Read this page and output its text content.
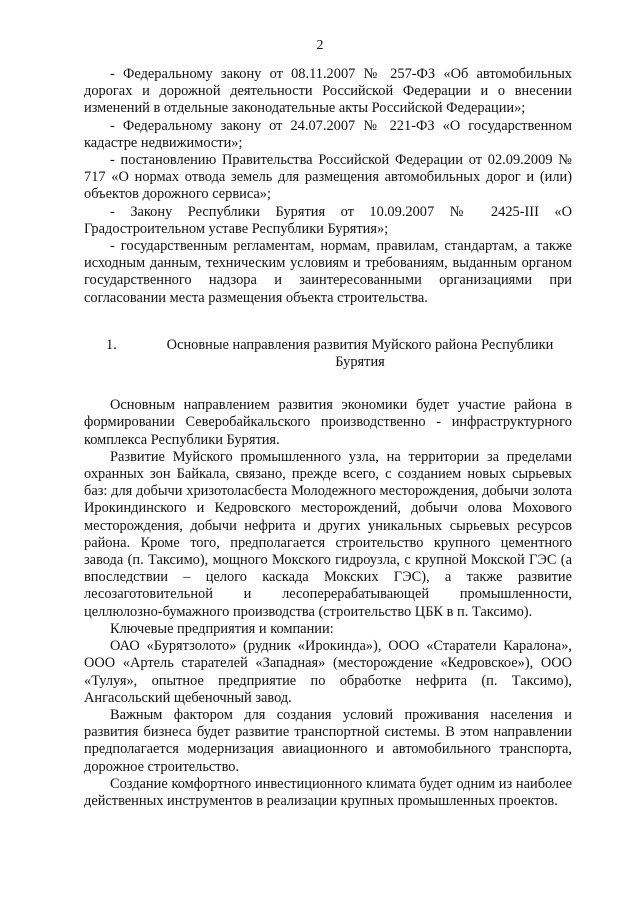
2

- Федеральному закону от 08.11.2007 № 257-ФЗ «Об автомобильных дорогах и дорожной деятельности Российской Федерации и о внесении изменений в отдельные законодательные акты Российской Федерации»;

- Федеральному закону от 24.07.2007 № 221-ФЗ «О государственном кадастре недвижимости»;

- постановлению Правительства Российской Федерации от 02.09.2009 № 717 «О нормах отвода земель для размещения автомобильных дорог и (или) объектов дорожного сервиса»;

- Закону Республики Бурятия от 10.09.2007 № 2425-III «О Градостроительном уставе Республики Бурятия»;

- государственным регламентам, нормам, правилам, стандартам, а также исходным данным, техническим условиям и требованиям, выданным органом государственного надзора и заинтересованными организациями при согласовании места размещения объекта строительства.

1.	Основные направления развития Муйского района Республики Бурятия

Основным направлением развития экономики будет участие района в формировании Северобайкальского производственно - инфраструктурного комплекса Республики Бурятия.

Развитие Муйского промышленного узла, на территории за пределами охранных зон Байкала, связано, прежде всего, с созданием новых сырьевых баз: для добычи хризотоласбеста Молодежного месторождения, добычи золота Ирокиндинского и Кедровского месторождений, добычи олова Мохового месторождения, добычи нефрита и других уникальных сырьевых ресурсов района. Кроме того, предполагается строительство крупного цементного завода (п. Таксимо), мощного Мокского гидроузла, с крупной Мокской ГЭС (а впоследствии – целого каскада Мокских ГЭС), а также развитие лесозаготовительной и лесоперерабатывающей промышленности, целлюлозно-бумажного производства (строительство ЦБК в п. Таксимо).

Ключевые предприятия и компании:

ОАО «Бурятзолото» (рудник «Ирокинда»), ООО «Старатели Каралона», ООО «Артель старателей «Западная» (месторождение «Кедровское»), ООО «Тулуя», опытное предприятие по обработке нефрита (п. Таксимо), Ангасольский щебеночный завод.

Важным фактором для создания условий проживания населения и развития бизнеса будет развитие транспортной системы. В этом направлении предполагается модернизация авиационного и автомобильного транспорта, дорожное строительство.

Создание комфортного инвестиционного климата будет одним из наиболее действенных инструментов в реализации крупных промышленных проектов.
